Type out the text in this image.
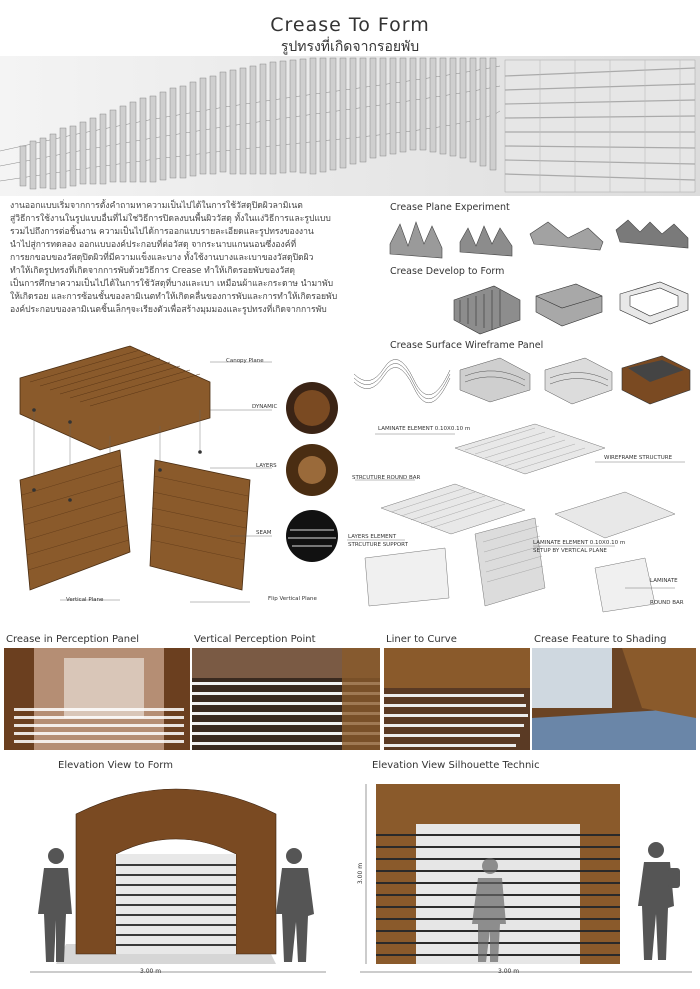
Crease To Form
รูปทรงที่เกิดจากรอยพับ
งานออกแบบเริ่มจากการตั้งคำถามหาความเป็นไปได้ในการใช้วัสดุปิดผิวลามิเนต
สู่วิธีการใช้งานในรูปแบบอื่นที่ไม่ใช่วิธีการปิดลงบนพื้นผิววัสดุ ทั้งในแง่วิธีการและรูปแบบ
รวมไปถึงการต่อชิ้นงาน ความเป็นไปได้การออกแบบรายละเอียดและรูปทรงของงาน
นำไปสู่การทดลอง ออกแบบองค์ประกอบที่ต่อวัสดุ จากระนาบแกนนอนซึ่งองค์ที่
การยกขอบของวัสดุปิดผิวที่มีความแข็งและบาง ทั้งใช้งานบางและเบาของวัสดุปิดผิว
ทำให้เกิดรูปทรงที่เกิดจากการพับด้วยวิธีการ Crease ทำให้เกิดรอยพับของวัสดุ
เป็นการศึกษาความเป็นไปได้ในการใช้วัสดุที่บางและเบา เหมือนผ้าและกระดาษ นำมาพับ
ให้เกิดรอย และการซ้อนชั้นของลามิเนตทำให้เกิดคลื่นของการพับและการทำให้เกิดรอยพับ
องค์ประกอบของลามิเนตชิ้นเล็กๆจะเรียงตัวเพื่อสร้างมุมมองและรูปทรงที่เกิดจากการพับ
Crease Plane Experiment
Crease Develop to Form
Crease Surface Wireframe Panel
Canopy Plane
DYNAMIC
LAYERS
SEAM
Vertical Plane	Flip Vertical Plane
LAMINATE ELEMENT 0.10X0.10 m
WIREFRAME STRUCTURE
STRCUTURE ROUND BAR
LAYERS ELEMENT
STRCUTURE SUPPORT	LAMINATE ELEMENT 0.10X0.10 m
SETUP BY VERTICAL PLANE
LAMINATE
ROUND BAR
Crease in Perception Panel	Vertical Perception Point	Liner to Curve	Crease Feature to Shading
Elevation View to Form	Elevation View Silhouette Technic
3.00 m
3.00 m
3.00 m
